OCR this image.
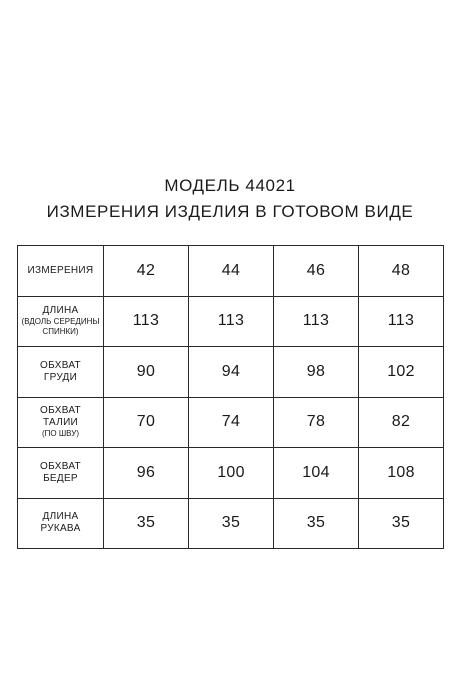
МОДЕЛЬ 44021
ИЗМЕРЕНИЯ ИЗДЕЛИЯ В ГОТОВОМ ВИДЕ
ИЗМЕРЕНИЯ	42	44	46	48

ДЛИНА
(ВДОЛЬ СЕРЕДИНЫ
СПИНКИ)	113	113	113	113

ОБХВАТ
ГРУДИ	90	94	98	102

ОБХВАТ
ТАЛИИ
(ПО ШВУ)	70	74	78	82

ОБХВАТ
БЕДЕР	96	100	104	108

ДЛИНА
РУКАВА	35	35	35	35
